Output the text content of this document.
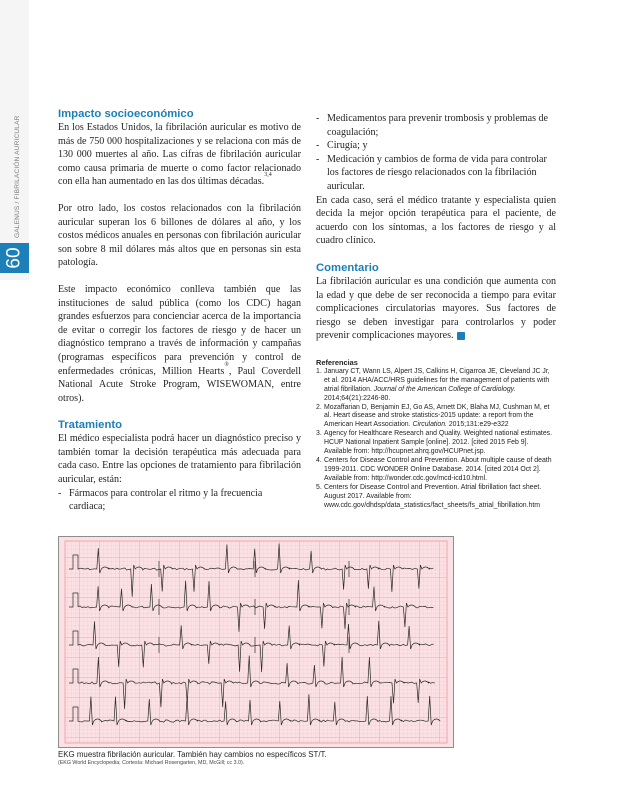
60
GALENUS / FIBRILACIÓN AURICULAR
Impacto socioeconómico

En los Estados Unidos, la fibrilación auricular es motivo de más de 750 000 hospitalizaciones y se relaciona con más de 130 000 muertes al año. Las cifras de fibrilación auricular como causa primaria de muerte o como factor relacionado con ella han aumentado en las dos últimas décadas.$^{3,4}$

Por otro lado, los costos relacionados con la fibrilación auricular superan los 6 billones de dólares al año, y los costos médicos anuales en personas con fibrilación auricular son sobre 8 mil dólares más altos que en personas sin esta patología.

Este impacto económico conlleva también que las instituciones de salud pública (como los CDC) hagan grandes esfuerzos para concienciar acerca de la importancia de evitar o corregir los factores de riesgo y de hacer un diagnóstico temprano a través de información y campañas (programas específicos para prevención y control de enfermedades crónicas, Million Hearts®, Paul Coverdell National Acute Stroke Program, WISEWOMAN, entre otros).

Tratamiento

El médico especialista podrá hacer un diagnóstico preciso y también tomar la decisión terapéutica más adecuada para cada caso. Entre las opciones de tratamiento para fibrilación auricular, están:

- Fármacos para controlar el ritmo y la frecuencia cardiaca;
- Medicamentos para prevenir trombosis y problemas de coagulación;
- Cirugía; y
- Medicación y cambios de forma de vida para controlar los factores de riesgo relacionados con la fibrilación auricular.

En cada caso, será el médico tratante y especialista quien decida la mejor opción terapéutica para el paciente, de acuerdo con los síntomas, a los factores de riesgo y al cuadro clínico.

Comentario

La fibrilación auricular es una condición que aumenta con la edad y que debe de ser reconocida a tiempo para evitar complicaciones circulatorias mayores. Sus factores de riesgo se deben investigar para controlarlos y poder prevenir complicaciones mayores.

Referencias
1. January CT, Wann LS, Alpert JS, Calkins H, Cigarroa JE, Cleveland JC Jr, et al. 2014 AHA/ACC/HRS guidelines for the management of patients with atrial fibrillation. Journal of the American College of Cardiology. 2014;64(21):2246-80.
2. Mozaffarian D, Benjamin EJ, Go AS, Arnett DK, Blaha MJ, Cushman M, et al. Heart disease and stroke statistics-2015 update: a report from the American Heart Association. Circulation. 2015;131:e29-e322
3. Agency for Healthcare Research and Quality. Weighted national estimates. HCUP National Inpatient Sample [online]. 2012. [cited 2015 Feb 9]. Available from: http://hcupnet.ahrq.gov/HCUPnet.jsp.
4. Centers for Disease Control and Prevention. About multiple cause of death 1999-2011. CDC WONDER Online Database. 2014. [cited 2014 Oct 2]. Available from: http://wonder.cdc.gov/mcd-icd10.html.
5. Centers for Disease Control and Prevention. Atrial fibrillation fact sheet. August 2017. Available from: www.cdc.gov/dhdsp/data_statistics/fact_sheets/fs_atrial_fibrillation.htm
EKG muestra fibrilación auricular. También hay cambios no específicos ST/T.
(EKG World Encyclopedia; Cortesía: Michael Rosengarten, MD, McGill; cc 3.0).
